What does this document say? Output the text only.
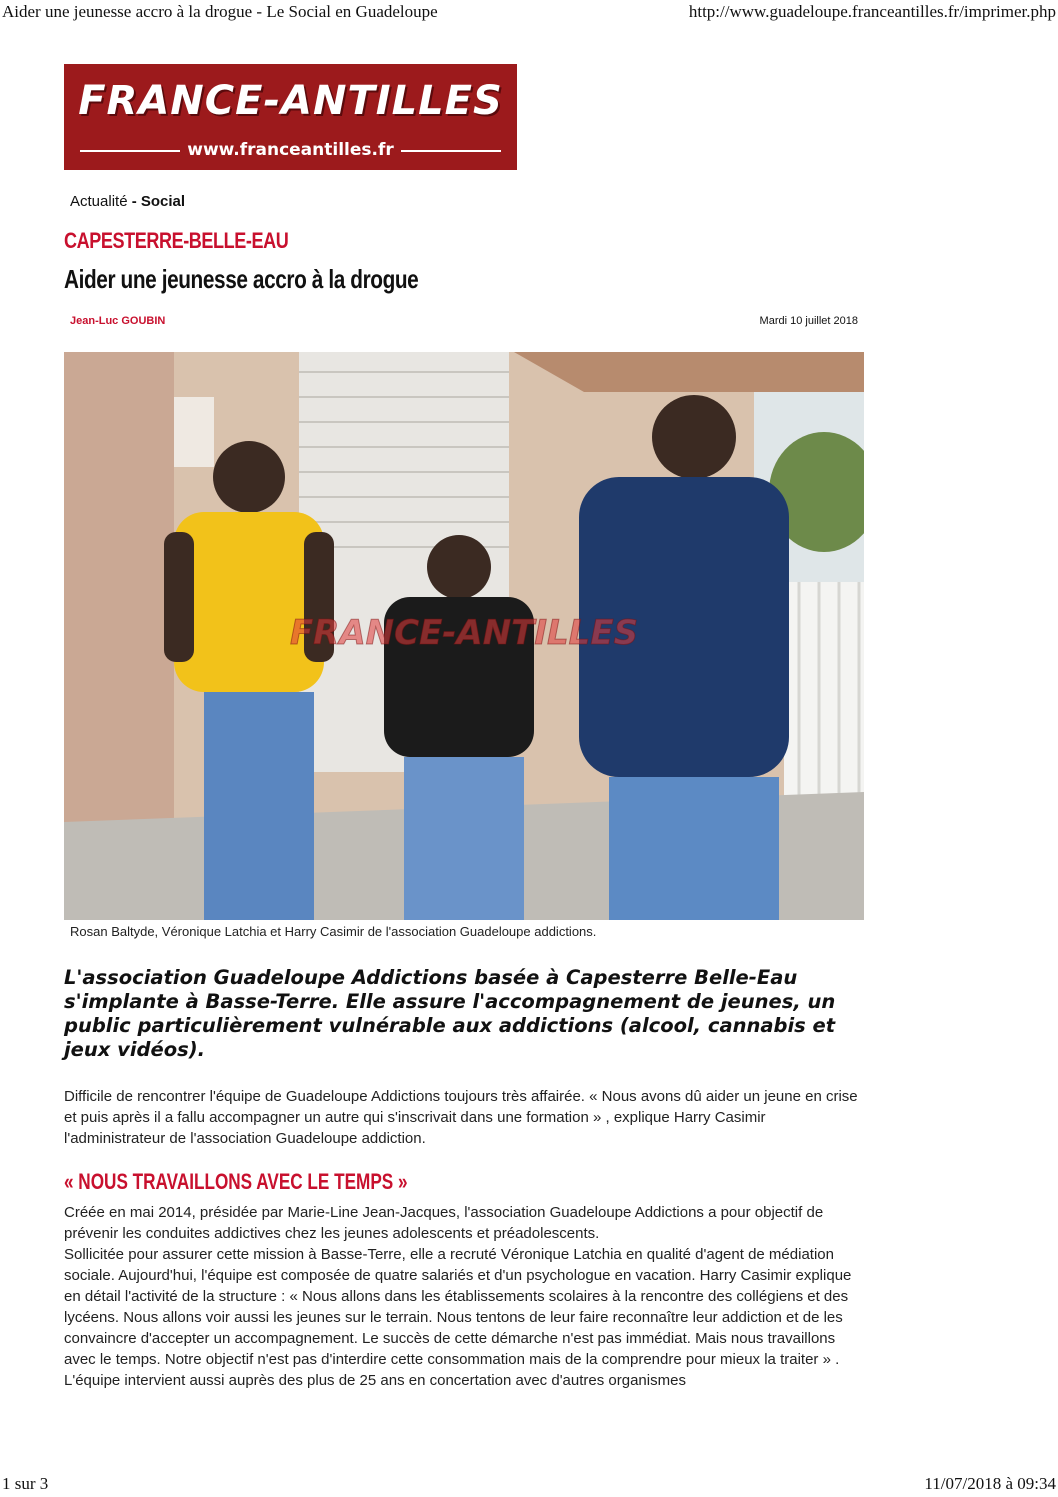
Aider une jeunesse accro à la drogue - Le Social en Guadeloupe	http://www.guadeloupe.franceantilles.fr/imprimer.php
FRANCE-ANTILLES
www.franceantilles.fr
Actualité - Social
CAPESTERRE-BELLE-EAU
Aider une jeunesse accro à la drogue
Jean-Luc GOUBIN	Mardi 10 juillet 2018
FRANCE-ANTILLES
Rosan Baltyde, Véronique Latchia et Harry Casimir de l'association Guadeloupe addictions.
L'association Guadeloupe Addictions basée à Capesterre Belle-Eau s'implante à Basse-Terre. Elle assure l'accompagnement de jeunes, un public particulièrement vulnérable aux addictions (alcool, cannabis et jeux vidéos).

Difficile de rencontrer l'équipe de Guadeloupe Addictions toujours très affairée. « Nous avons dû aider un jeune en crise et puis après il a fallu accompagner un autre qui s'inscrivait dans une formation » , explique Harry Casimir l'administrateur de l'association Guadeloupe addiction.

« NOUS TRAVAILLONS AVEC LE TEMPS »

Créée en mai 2014, présidée par Marie-Line Jean-Jacques, l'association Guadeloupe Addictions a pour objectif de prévenir les conduites addictives chez les jeunes adolescents et préadolescents.

Sollicitée pour assurer cette mission à Basse-Terre, elle a recruté Véronique Latchia en qualité d'agent de médiation sociale. Aujourd'hui, l'équipe est composée de quatre salariés et d'un psychologue en vacation. Harry Casimir explique en détail l'activité de la structure : « Nous allons dans les établissements scolaires à la rencontre des collégiens et des lycéens. Nous allons voir aussi les jeunes sur le terrain. Nous tentons de leur faire reconnaître leur addiction et de les convaincre d'accepter un accompagnement. Le succès de cette démarche n'est pas immédiat. Mais nous travaillons avec le temps. Notre objectif n'est pas d'interdire cette consommation mais de la comprendre pour mieux la traiter » . L'équipe intervient aussi auprès des plus de 25 ans en concertation avec d'autres organismes

1 sur 3	11/07/2018 à 09:34
